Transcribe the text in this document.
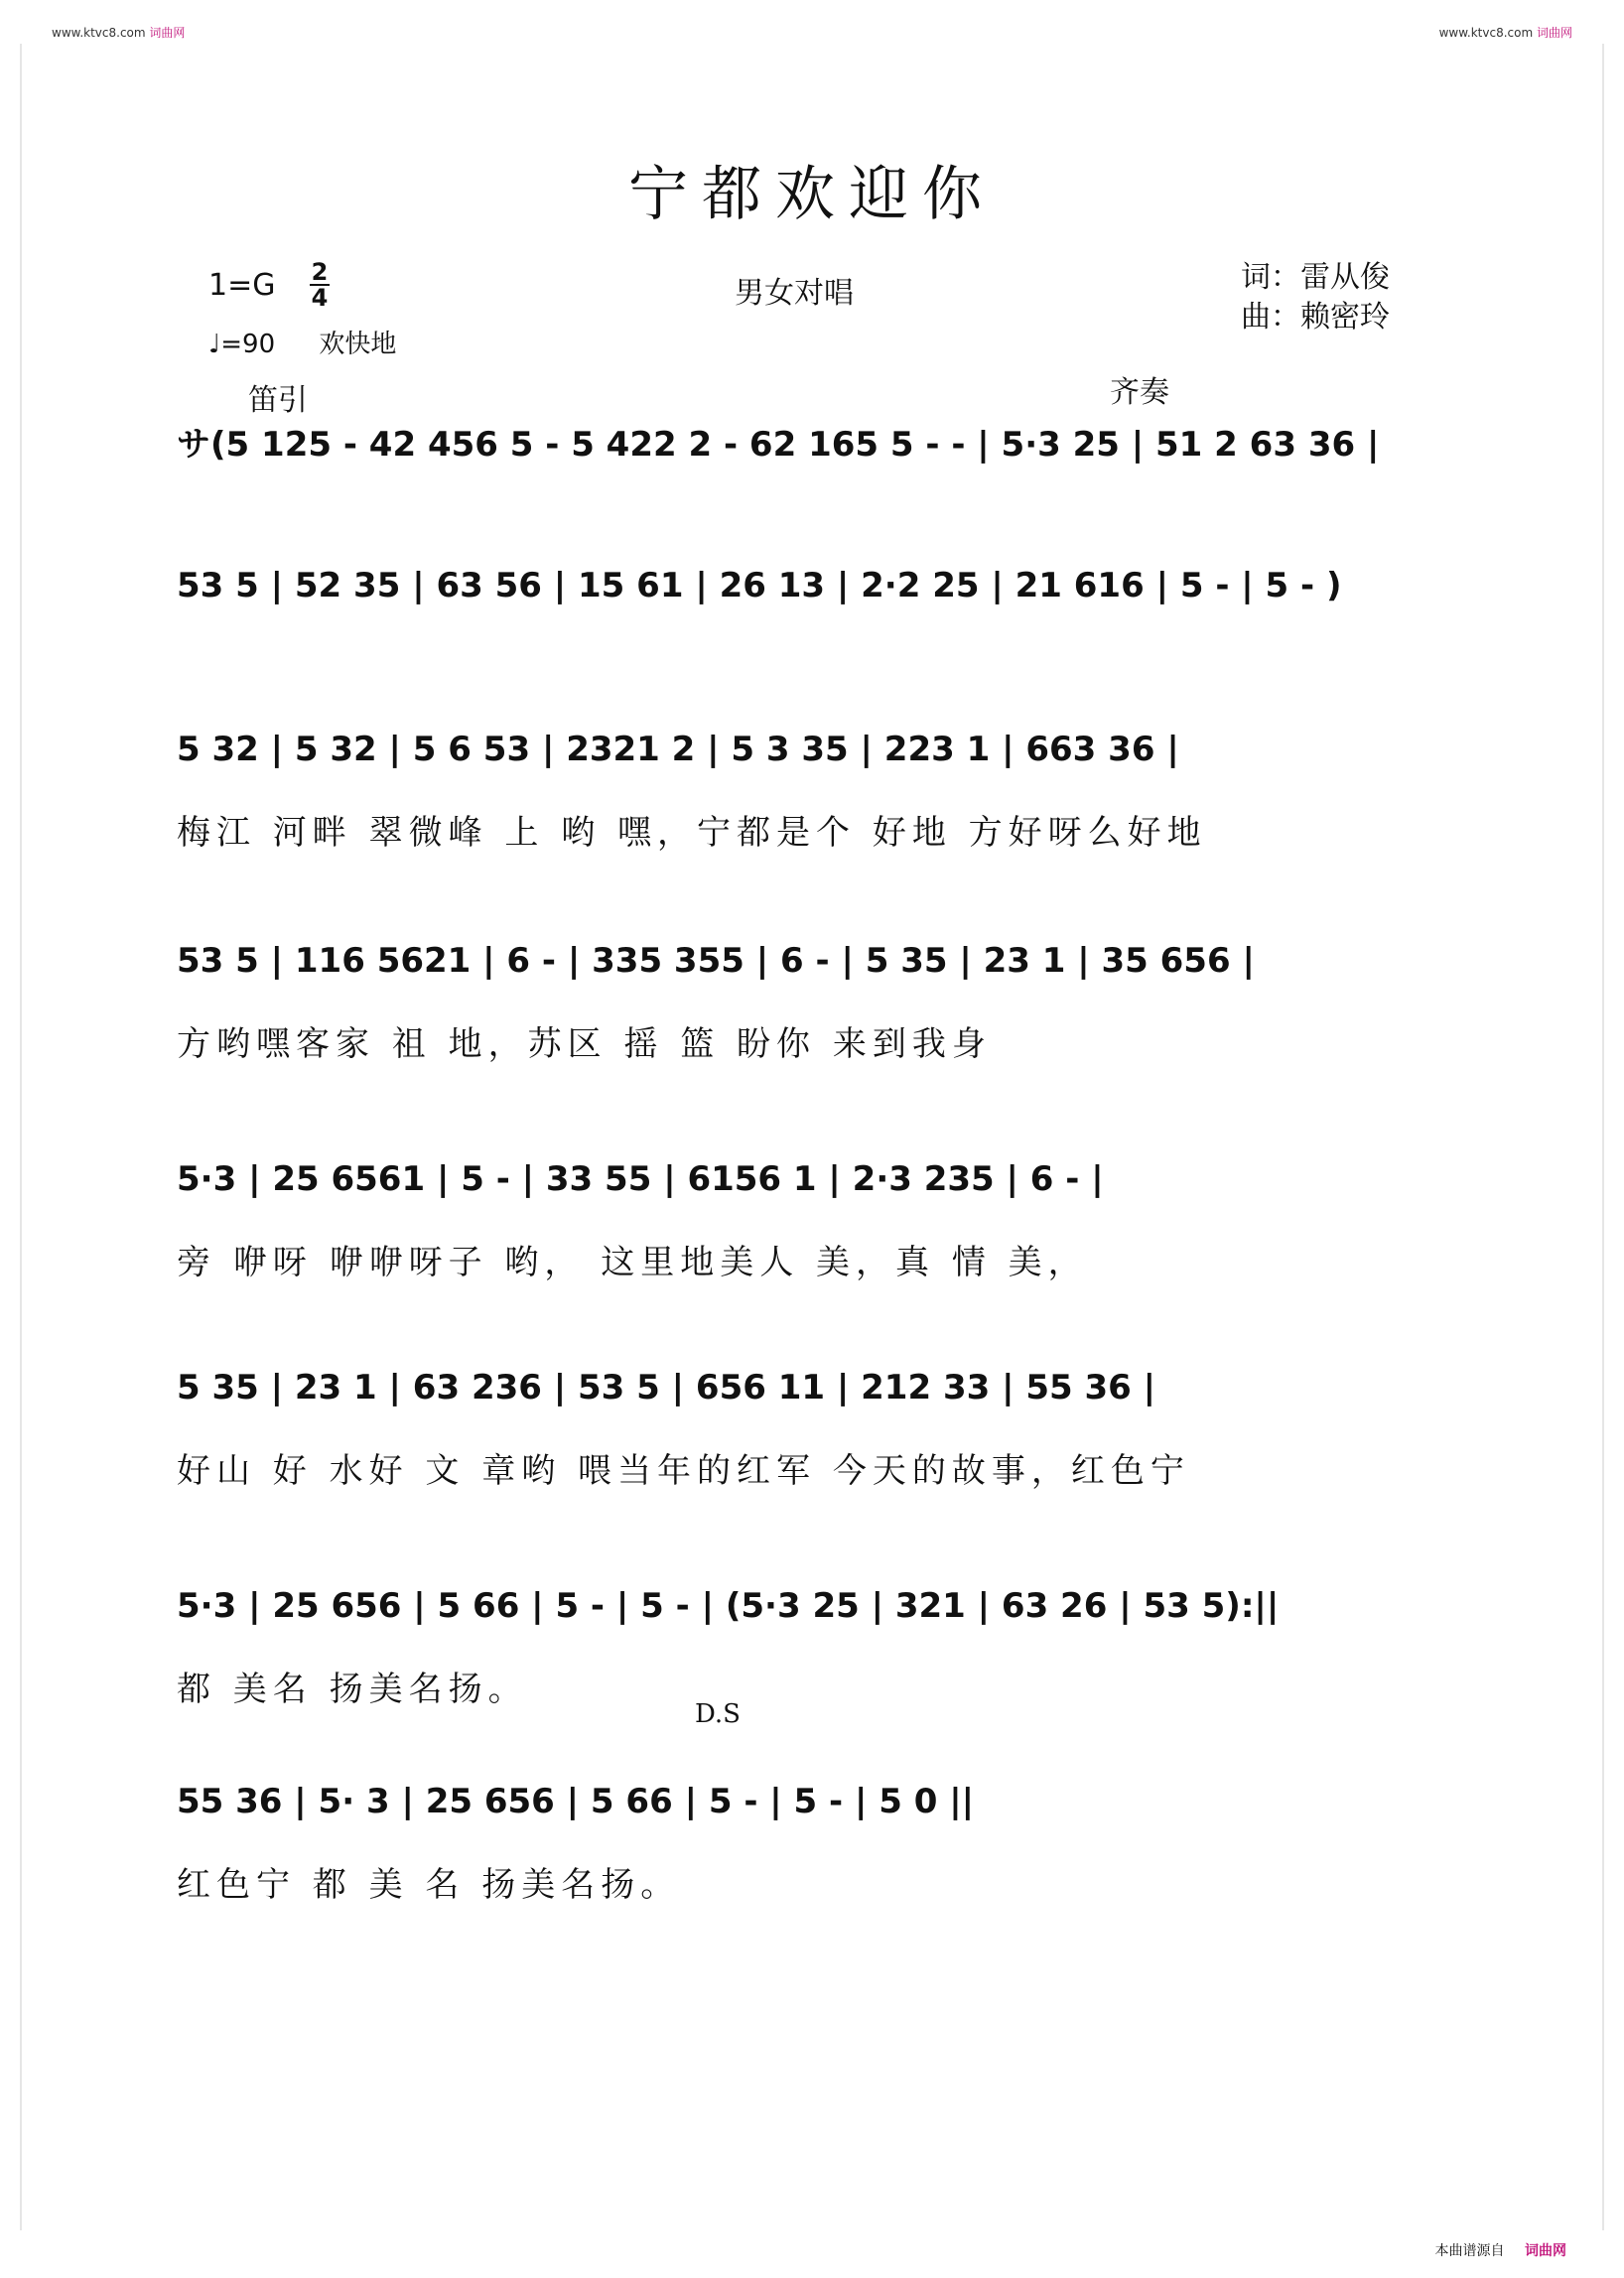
www.ktvc8.com 词曲网	www.ktvc8.com 词曲网
宁都欢迎你
1=G 2
4
♩=90 欢快地
男女对唱	词：雷从俊
曲：赖密玲
笛引	齐奏
D.S
サ(5 125 - 42 456 5 - 5 422 2 - 62 165 5 - - | 5·3 25 | 51 2 63 36 |
53 5 | 52 35 | 63 56 | 15 61 | 26 13 | 2·2 25 | 21 616 | 5 - | 5 - )
5 32 | 5 32 | 5 6 53 | 2321 2 | 5 3 35 | 223 1 | 663 36 |
梅江 河畔 翠微峰 上 哟 嘿，宁都是个 好地 方好呀么好地
53 5 | 116 5621 | 6 - | 335 355 | 6 - | 5 35 | 23 1 | 35 656 |
方哟嘿客家 祖 地，苏区 摇 篮 盼你 来到我身
5·3 | 25 6561 | 5 - | 33 55 | 6156 1 | 2·3 235 | 6 - |
旁 咿呀 咿咿呀子 哟， 这里地美人 美，真 情 美，
5 35 | 23 1 | 63 236 | 53 5 | 656 11 | 212 33 | 55 36 |
好山 好 水好 文 章哟 喂当年的红军 今天的故事，红色宁
5·3 | 25 656 | 5 66 | 5 - | 5 - | (5·3 25 | 321 | 63 26 | 53 5):||
都 美名 扬美名扬。
55 36 | 5· 3 | 25 656 | 5 66 | 5 - | 5 - | 5 0 ||
红色宁 都 美 名 扬美名扬。
本曲谱源自 词曲网
